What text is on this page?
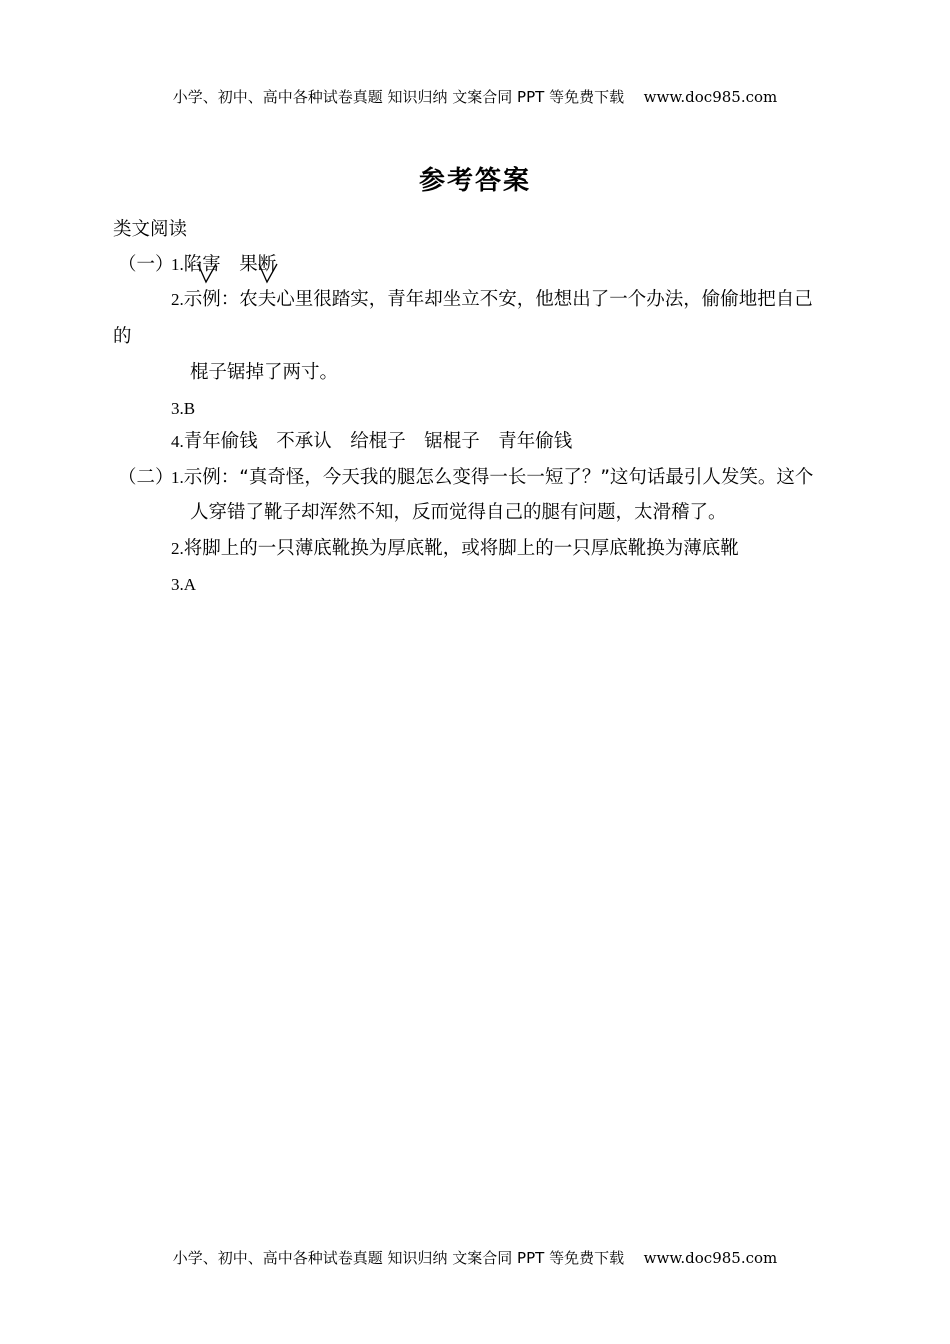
小学、初中、高中各种试卷真题 知识归纳 文案合同 PPT 等免费下载 www.doc985.com
参考答案
类文阅读
（一）
1.陷害　果断
2.示例：农夫心里很踏实，青年却坐立不安，他想出了一个办法，偷偷地把自己
的
棍子锯掉了两寸。
3.B
4.青年偷钱　不承认　给棍子　锯棍子　青年偷钱
（二）
1.示例：“真奇怪，今天我的腿怎么变得一长一短了？”这句话最引人发笑。这个
人穿错了靴子却浑然不知，反而觉得自己的腿有问题，太滑稽了。
2.将脚上的一只薄底靴换为厚底靴，或将脚上的一只厚底靴换为薄底靴
3.A
小学、初中、高中各种试卷真题 知识归纳 文案合同 PPT 等免费下载 www.doc985.com
